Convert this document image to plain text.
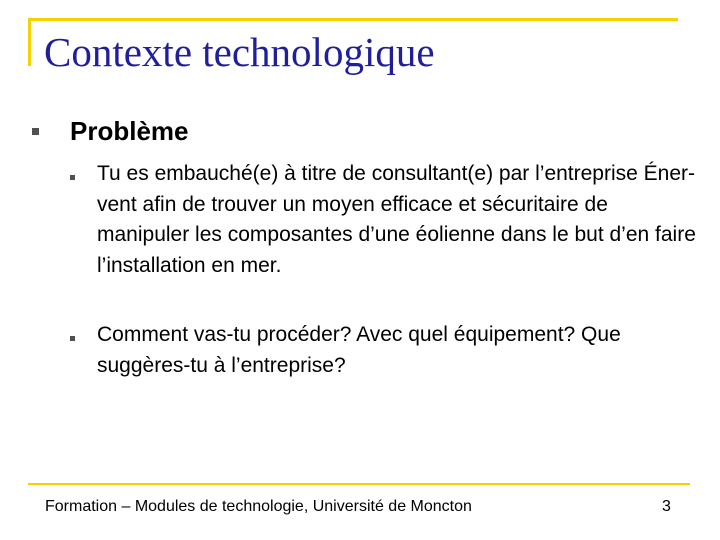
Contexte technologique
Problème
Tu es embauché(e) à titre de consultant(e) par l’entreprise Éner-vent afin de trouver un moyen efficace et sécuritaire de manipuler les composantes d’une éolienne dans le but d’en faire l’installation en mer.
Comment vas-tu procéder? Avec quel équipement? Que suggères-tu à l’entreprise?
Formation – Modules de technologie, Université de Moncton	3
